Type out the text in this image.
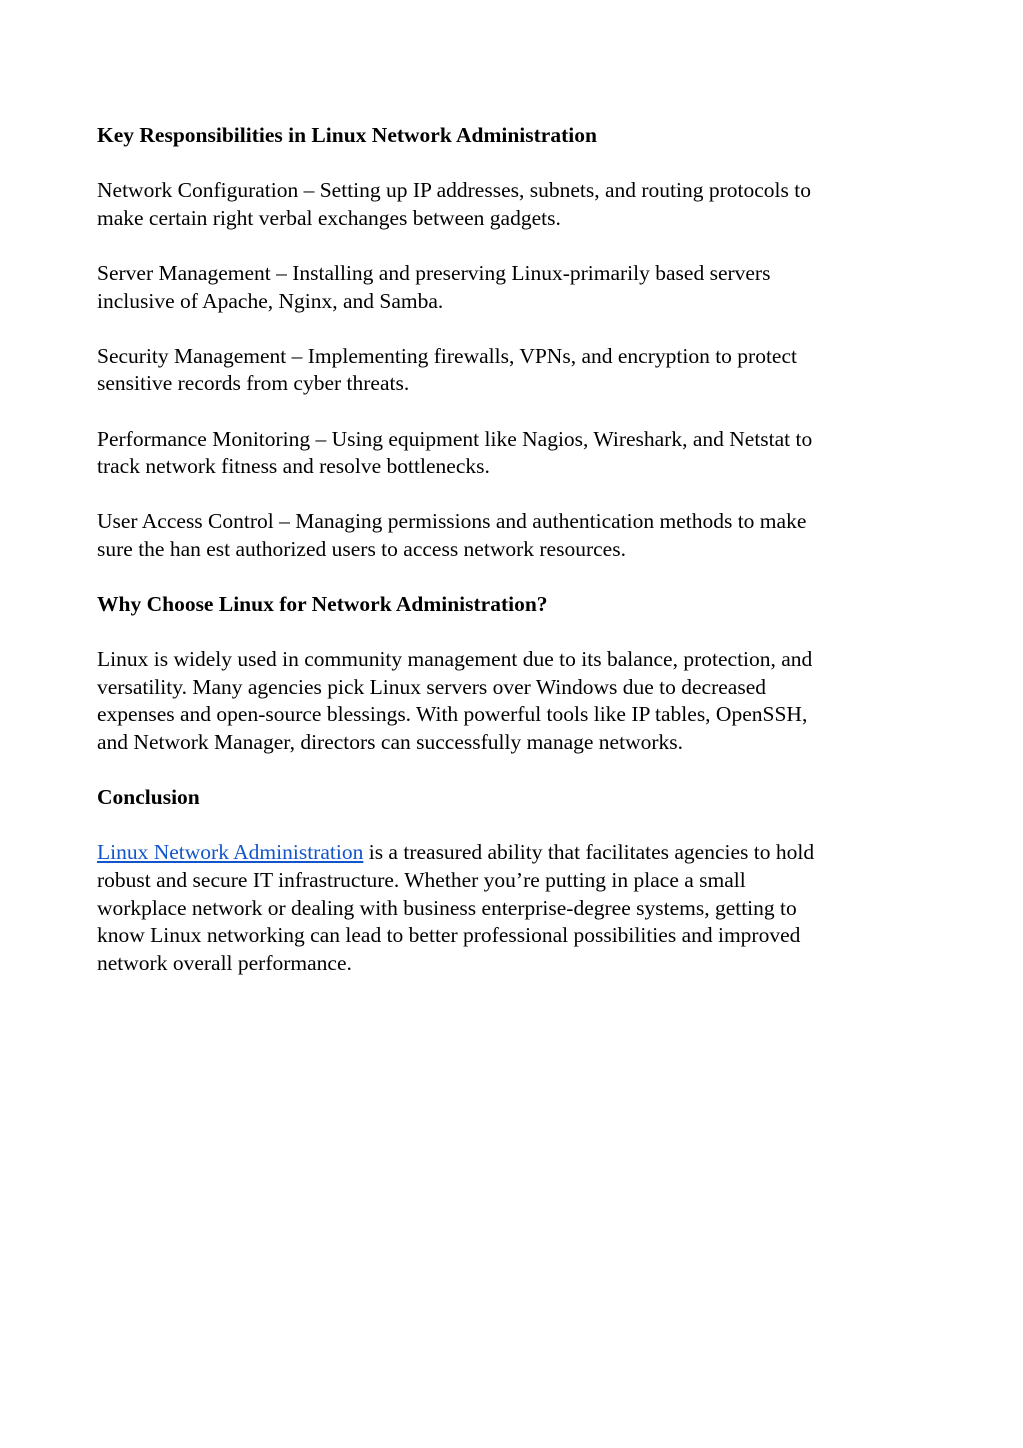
Key Responsibilities in Linux Network Administration
Network Configuration – Setting up IP addresses, subnets, and routing protocols to
make certain right verbal exchanges between gadgets.
Server Management – Installing and preserving Linux-primarily based servers
inclusive of Apache, Nginx, and Samba.
Security Management – Implementing firewalls, VPNs, and encryption to protect
sensitive records from cyber threats.
Performance Monitoring – Using equipment like Nagios, Wireshark, and Netstat to
track network fitness and resolve bottlenecks.
User Access Control – Managing permissions and authentication methods to make
sure the han est authorized users to access network resources.
Why Choose Linux for Network Administration?
Linux is widely used in community management due to its balance, protection, and
versatility. Many agencies pick Linux servers over Windows due to decreased
expenses and open-source blessings. With powerful tools like IP tables, OpenSSH,
and Network Manager, directors can successfully manage networks.
Conclusion
Linux Network Administration is a treasured ability that facilitates agencies to hold
robust and secure IT infrastructure. Whether you’re putting in place a small
workplace network or dealing with business enterprise-degree systems, getting to
know Linux networking can lead to better professional possibilities and improved
network overall performance.
